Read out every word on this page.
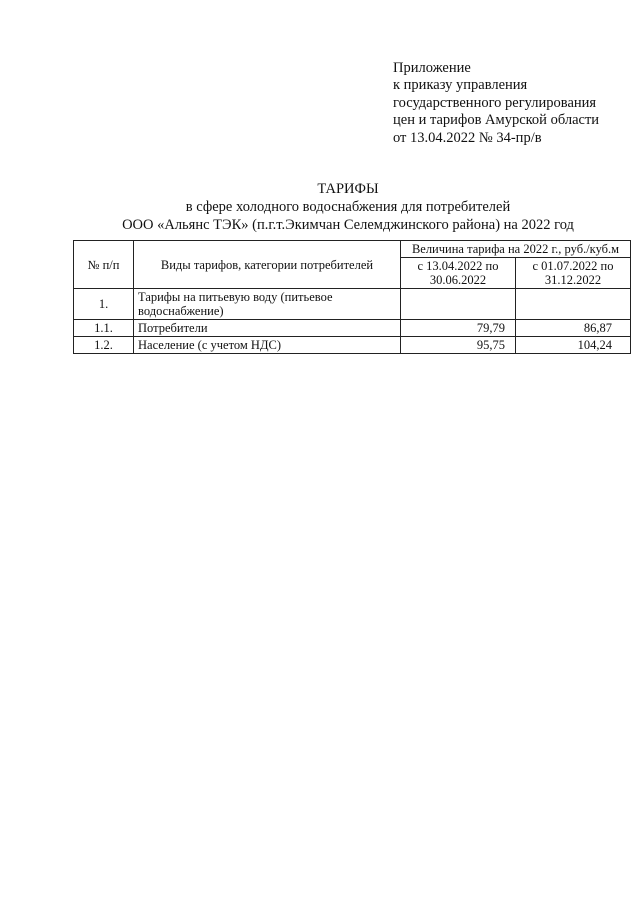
Приложение
к приказу управления
государственного регулирования
цен и тарифов Амурской области
от 13.04.2022 № 34-пр/в
ТАРИФЫ
в сфере холодного водоснабжения для потребителей
ООО «Альянс ТЭК» (п.г.т.Экимчан Селемджинского района) на 2022 год
№ п/п	Виды тарифов, категории потребителей	Величина тарифа на 2022 г., руб./куб.м	
		с 13.04.2022 по 30.06.2022	с 01.07.2022 по 31.12.2022
1.	Тарифы на питьевую воду (питьевое водоснабжение)		
1.1.	Потребители	79,79	86,87
1.2.	Население (с учетом НДС)	95,75	104,24
